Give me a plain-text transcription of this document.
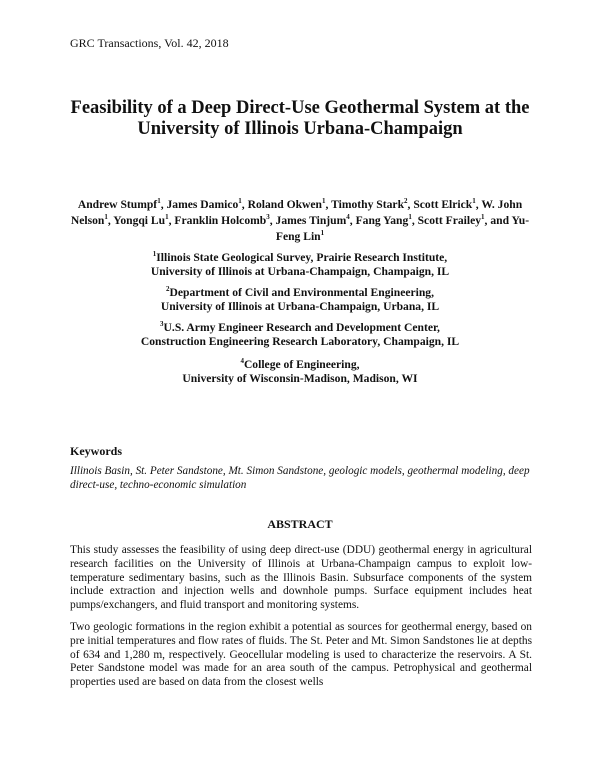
GRC Transactions, Vol. 42, 2018
Feasibility of a Deep Direct-Use Geothermal System at the
University of Illinois Urbana-Champaign
Andrew Stumpf$^1$, James Damico$^1$, Roland Okwen$^1$, Timothy Stark$^2$, Scott Elrick$^1$, W. John Nelson$^1$, Yongqi Lu$^1$, Franklin Holcomb$^3$, James Tinjum$^4$, Fang Yang$^1$, Scott Frailey$^1$, and Yu-Feng Lin$^1$
$^1$Illinois State Geological Survey, Prairie Research Institute,
University of Illinois at Urbana-Champaign, Champaign, IL
$^2$Department of Civil and Environmental Engineering,
University of Illinois at Urbana-Champaign, Urbana, IL
$^3$U.S. Army Engineer Research and Development Center,
Construction Engineering Research Laboratory, Champaign, IL
$^4$College of Engineering,
University of Wisconsin-Madison, Madison, WI
Keywords
Illinois Basin, St. Peter Sandstone, Mt. Simon Sandstone, geologic models, geothermal modeling, deep direct-use, techno-economic simulation
ABSTRACT
This study assesses the feasibility of using deep direct-use (DDU) geothermal energy in agricultural research facilities on the University of Illinois at Urbana-Champaign campus to exploit low-temperature sedimentary basins, such as the Illinois Basin. Subsurface components of the system include extraction and injection wells and downhole pumps. Surface equipment includes heat pumps/exchangers, and fluid transport and monitoring systems.
Two geologic formations in the region exhibit a potential as sources for geothermal energy, based on pre initial temperatures and flow rates of fluids. The St. Peter and Mt. Simon Sandstones lie at depths of 634 and 1,280 m, respectively. Geocellular modeling is used to characterize the reservoirs. A St. Peter Sandstone model was made for an area south of the campus. Petrophysical and geothermal properties used are based on data from the closest wells
